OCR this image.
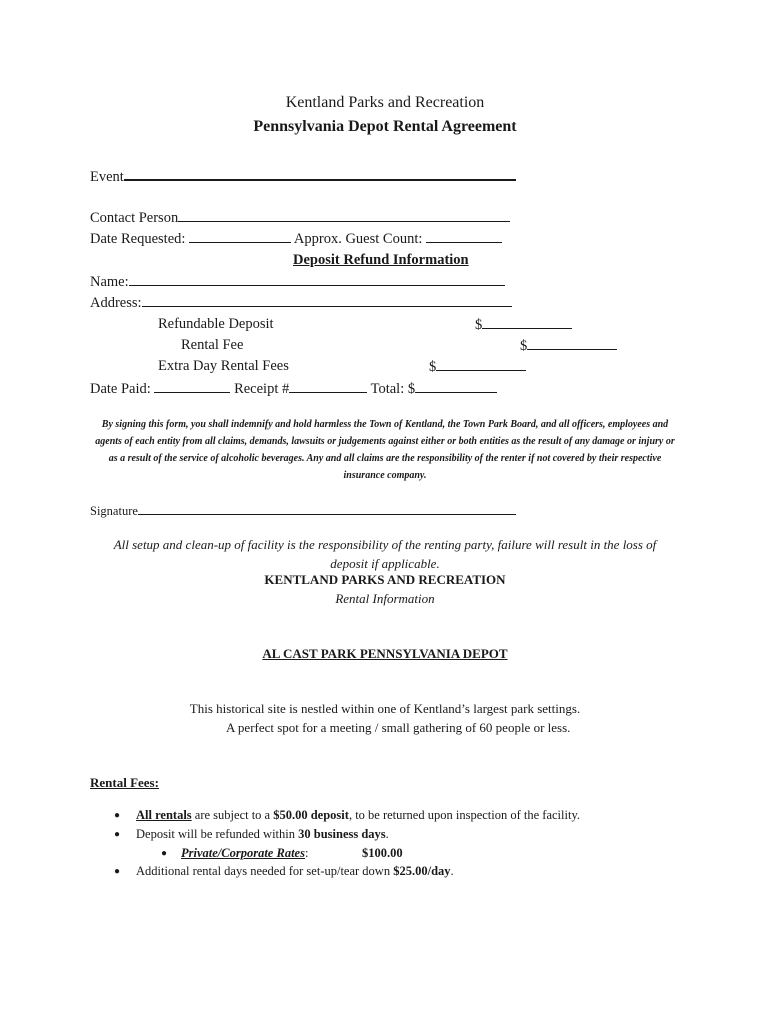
Kentland Parks and Recreation
Pennsylvania Depot Rental Agreement
Event
Contact Person
Date Requested:	Approx. Guest Count:
Deposit Refund Information
Name:
Address:
Refundable Deposit	$
Rental Fee	$
Extra Day Rental Fees	$
Date Paid:	Receipt #	Total: $
By signing this form, you shall indemnify and hold harmless the Town of Kentland, the Town Park Board, and all officers, employees and agents of each entity from all claims, demands, lawsuits or judgements against either or both entities as the result of any damage or injury or as a result of the service of alcoholic beverages. Any and all claims are the responsibility of the renter if not covered by their respective insurance company.
Signature
All setup and clean-up of facility is the responsibility of the renting party, failure will result in the loss of deposit if applicable.
KENTLAND PARKS AND RECREATION
Rental Information
AL CAST PARK PENNSYLVANIA DEPOT
This historical site is nestled within one of Kentland’s largest park settings.
A perfect spot for a meeting / small gathering of 60 people or less.
Rental Fees:
● All rentals are subject to a $50.00 deposit, to be returned upon inspection of the facility.
● Deposit will be refunded within 30 business days.
● Private/Corporate Rates:	$100.00
● Additional rental days needed for set-up/tear down $25.00/day.
